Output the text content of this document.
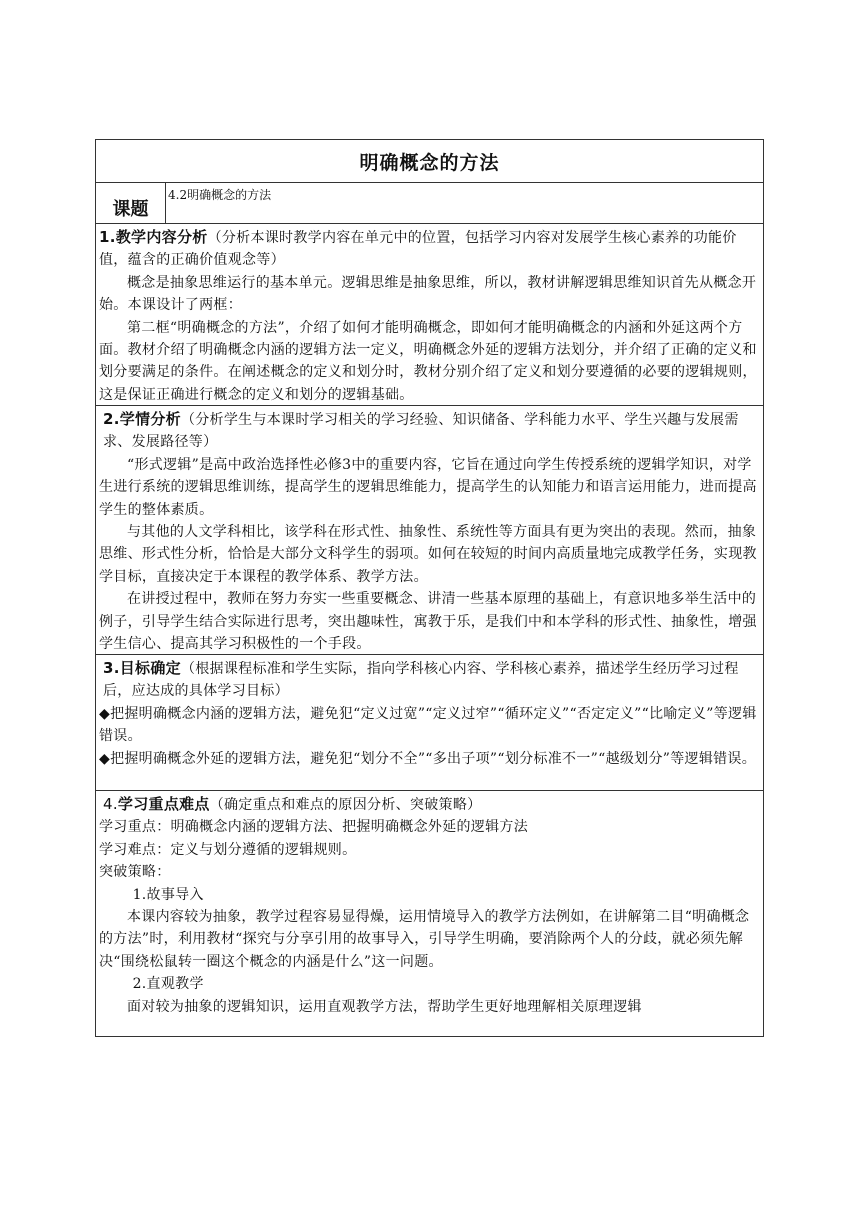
明确概念的方法
课题
4.2明确概念的方法

1.教学内容分析（分析本课时教学内容在单元中的位置，包括学习内容对发展学生核心素养的功能价值，蕴含的正确价值观念等）

概念是抽象思维运行的基本单元。逻辑思维是抽象思维，所以，教材讲解逻辑思维知识首先从概念开始。本课设计了两框：

第二框“明确概念的方法”，介绍了如何才能明确概念，即如何才能明确概念的内涵和外延这两个方面。教材介绍了明确概念内涵的逻辑方法一定义，明确概念外延的逻辑方法划分，并介绍了正确的定义和划分要满足的条件。在阐述概念的定义和划分时，教材分别介绍了定义和划分要遵循的必要的逻辑规则，这是保证正确进行概念的定义和划分的逻辑基础。

2.学情分析（分析学生与本课时学习相关的学习经验、知识储备、学科能力水平、学生兴趣与发展需求、发展路径等）

“形式逻辑”是高中政治选择性必修3中的重要内容，它旨在通过向学生传授系统的逻辑学知识，对学生进行系统的逻辑思维训练，提高学生的逻辑思维能力，提高学生的认知能力和语言运用能力，进而提高学生的整体素质。

与其他的人文学科相比，该学科在形式性、抽象性、系统性等方面具有更为突出的表现。然而，抽象思维、形式性分析，恰恰是大部分文科学生的弱项。如何在较短的时间内高质量地完成教学任务，实现教学目标，直接决定于本课程的教学体系、教学方法。

在讲授过程中，教师在努力夯实一些重要概念、讲清一些基本原理的基础上，有意识地多举生活中的例子，引导学生结合实际进行思考，突出趣味性，寓教于乐，是我们中和本学科的形式性、抽象性，增强学生信心、提高其学习积极性的一个手段。

3.目标确定（根据课程标准和学生实际，指向学科核心内容、学科核心素养，描述学生经历学习过程后，应达成的具体学习目标）

◆把握明确概念内涵的逻辑方法，避免犯“定义过宽”“定义过窄”“循环定义”“否定定义”“比喻定义”等逻辑错误。

◆把握明确概念外延的逻辑方法，避免犯“划分不全”“多出子项”“划分标准不一”“越级划分”等逻辑错误。

4.学习重点难点（确定重点和难点的原因分析、突破策略）

学习重点：明确概念内涵的逻辑方法、把握明确概念外延的逻辑方法

学习难点：定义与划分遵循的逻辑规则。

突破策略：

1.故事导入

本课内容较为抽象，教学过程容易显得燥，运用情境导入的教学方法例如，在讲解第二目“明确概念的方法”时，利用教材“探究与分享引用的故事导入，引导学生明确，要消除两个人的分歧，就必须先解决“围绕松鼠转一圈这个概念的内涵是什么”这一问题。

2.直观教学

面对较为抽象的逻辑知识，运用直观教学方法，帮助学生更好地理解相关原理逻辑
